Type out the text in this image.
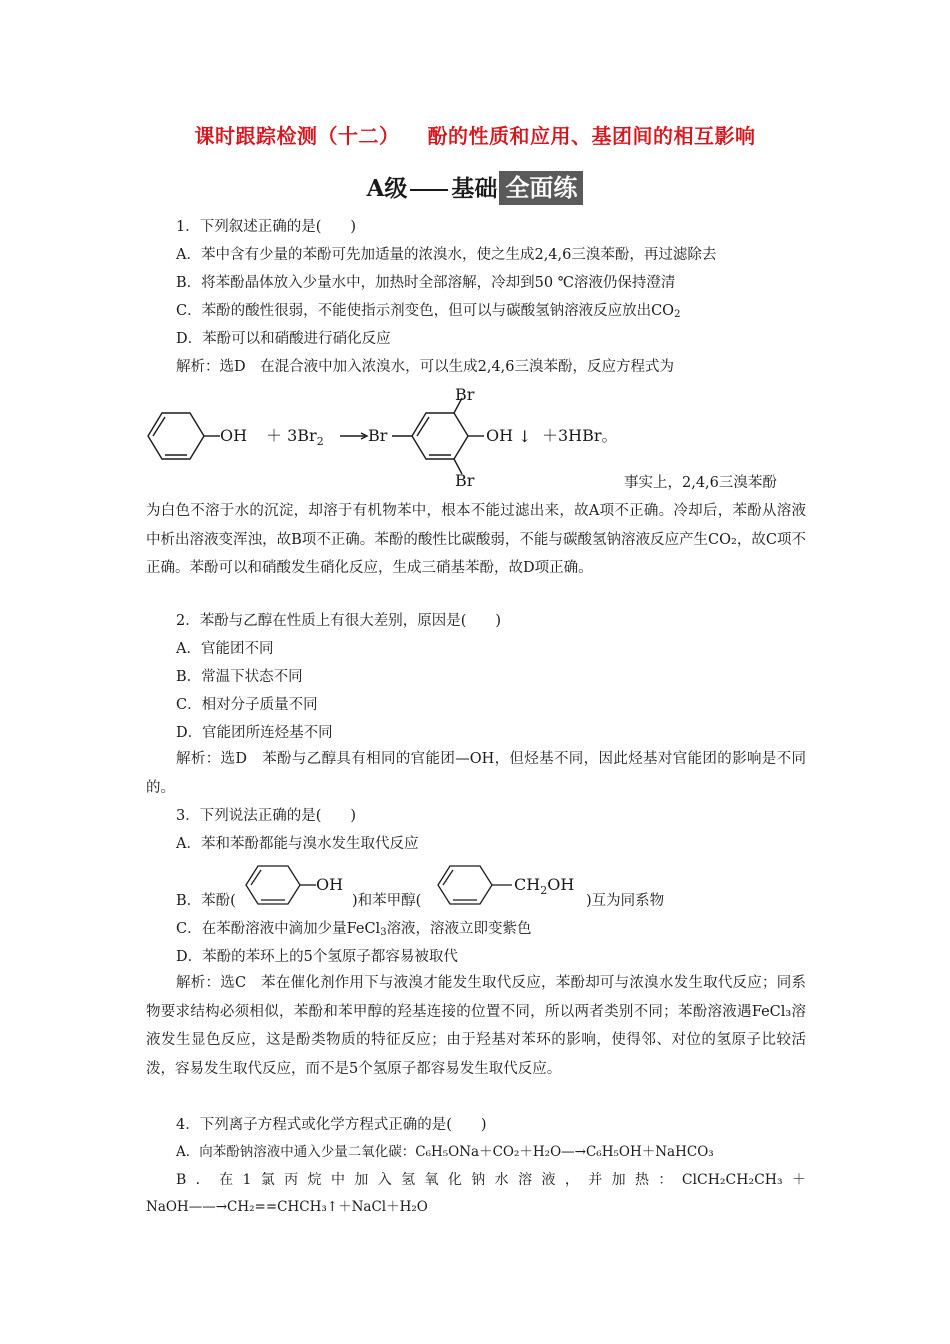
课时跟踪检测（十二） 酚的性质和应用、基团间的相互影响
A级 基础 全面练
1．下列叙述正确的是(　　)
A．苯中含有少量的苯酚可先加适量的浓溴水，使之生成2,4,6三溴苯酚，再过滤除去
B．将苯酚晶体放入少量水中，加热时全部溶解，冷却到50 ℃溶液仍保持澄清
C．苯酚的酸性很弱，不能使指示剂变色，但可以与碳酸氢钠溶液反应放出$CO_2$
D．苯酚可以和硝酸进行硝化反应
解析：选D　在混合液中加入浓溴水，可以生成2,4,6三溴苯酚，反应方程式为
OH ＋ $3Br_2$	Br
Br
Br
OH ↓ ＋3HBr。
事实上，2,4,6三溴苯酚
为白色不溶于水的沉淀，却溶于有机物苯中，根本不能过滤出来，故A项不正确。冷却后，苯酚从溶液中析出溶液变浑浊，故B项不正确。苯酚的酸性比碳酸弱，不能与碳酸氢钠溶液反应产生CO₂，故C项不正确。苯酚可以和硝酸发生硝化反应，生成三硝基苯酚，故D项正确。
2．苯酚与乙醇在性质上有很大差别，原因是(　　)
A．官能团不同
B．常温下状态不同
C．相对分子质量不同
D．官能团所连烃基不同
解析：选D　苯酚与乙醇具有相同的官能团—OH，但烃基不同，因此烃基对官能团的影响是不同的。
3．下列说法正确的是(　　)
A．苯和苯酚都能与溴水发生取代反应
B．苯酚(
OH
)和苯甲醇(
$CH_2OH$
)互为同系物
C．在苯酚溶液中滴加少量FeCl$_3$溶液，溶液立即变紫色
D．苯酚的苯环上的5个氢原子都容易被取代
解析：选C　苯在催化剂作用下与液溴才能发生取代反应，苯酚却可与浓溴水发生取代反应；同系物要求结构必须相似，苯酚和苯甲醇的羟基连接的位置不同，所以两者类别不同；苯酚溶液遇FeCl₃溶液发生显色反应，这是酚类物质的特征反应；由于羟基对苯环的影响，使得邻、对位的氢原子比较活泼，容易发生取代反应，而不是5个氢原子都容易发生取代反应。
4．下列离子方程式或化学方程式正确的是(　　)
A．向苯酚钠溶液中通入少量二氧化碳：C₆H₅ONa＋CO₂＋H₂O—→C₆H₅OH＋NaHCO₃
B．在1氯丙烷中加入氢氧化钠水溶液，并加热：ClCH₂CH₂CH₃＋
NaOH——→CH₂==CHCH₃↑＋NaCl＋H₂O
